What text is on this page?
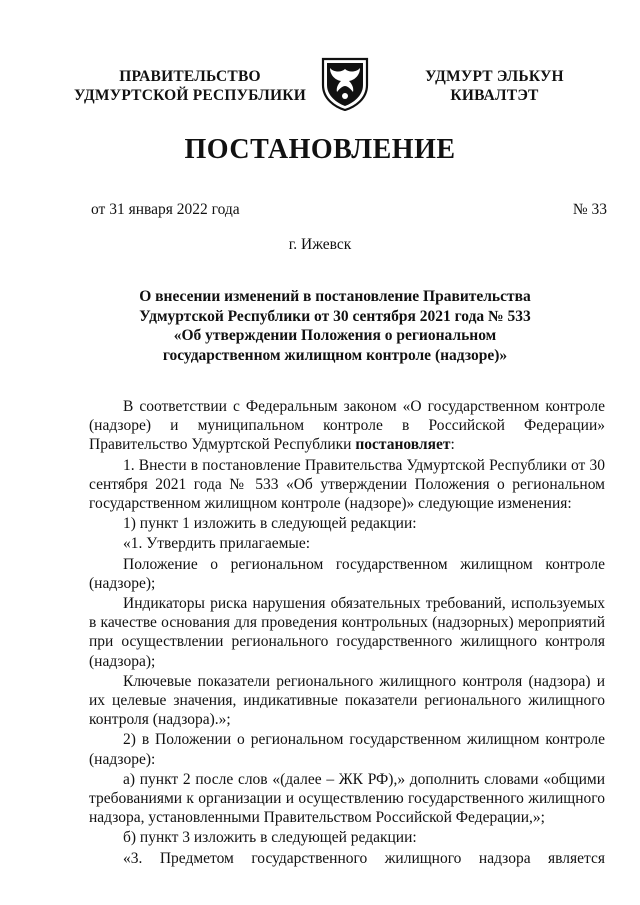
ПРАВИТЕЛЬСТВО
УДМУРТСКОЙ РЕСПУБЛИКИ
УДМУРТ ЭЛЬКУН
КИВАЛТЭТ
ПОСТАНОВЛЕНИЕ
от 31 января 2022 года	№ 33
г. Ижевск
О внесении изменений в постановление Правительства
Удмуртской Республики от 30 сентября 2021 года № 533
«Об утверждении Положения о региональном
государственном жилищном контроле (надзоре)»

В соответствии с Федеральным законом «О государственном контроле (надзоре) и муниципальном контроле в Российской Федерации» Правительство Удмуртской Республики постановляет:

1. Внести в постановление Правительства Удмуртской Республики от 30 сентября 2021 года № 533 «Об утверждении Положения о региональном государственном жилищном контроле (надзоре)» следующие изменения:

1) пункт 1 изложить в следующей редакции:

«1. Утвердить прилагаемые:

Положение о региональном государственном жилищном контроле (надзоре);

Индикаторы риска нарушения обязательных требований, используемых в качестве основания для проведения контрольных (надзорных) мероприятий при осуществлении регионального государственного жилищного контроля (надзора);

Ключевые показатели регионального жилищного контроля (надзора) и их целевые значения, индикативные показатели регионального жилищного контроля (надзора).»;

2) в Положении о региональном государственном жилищном контроле (надзоре):

а) пункт 2 после слов «(далее – ЖК РФ),» дополнить словами «общими требованиями к организации и осуществлению государственного жилищного надзора, установленными Правительством Российской Федерации,»;

б) пункт 3 изложить в следующей редакции:

«3. Предметом государственного жилищного надзора является
